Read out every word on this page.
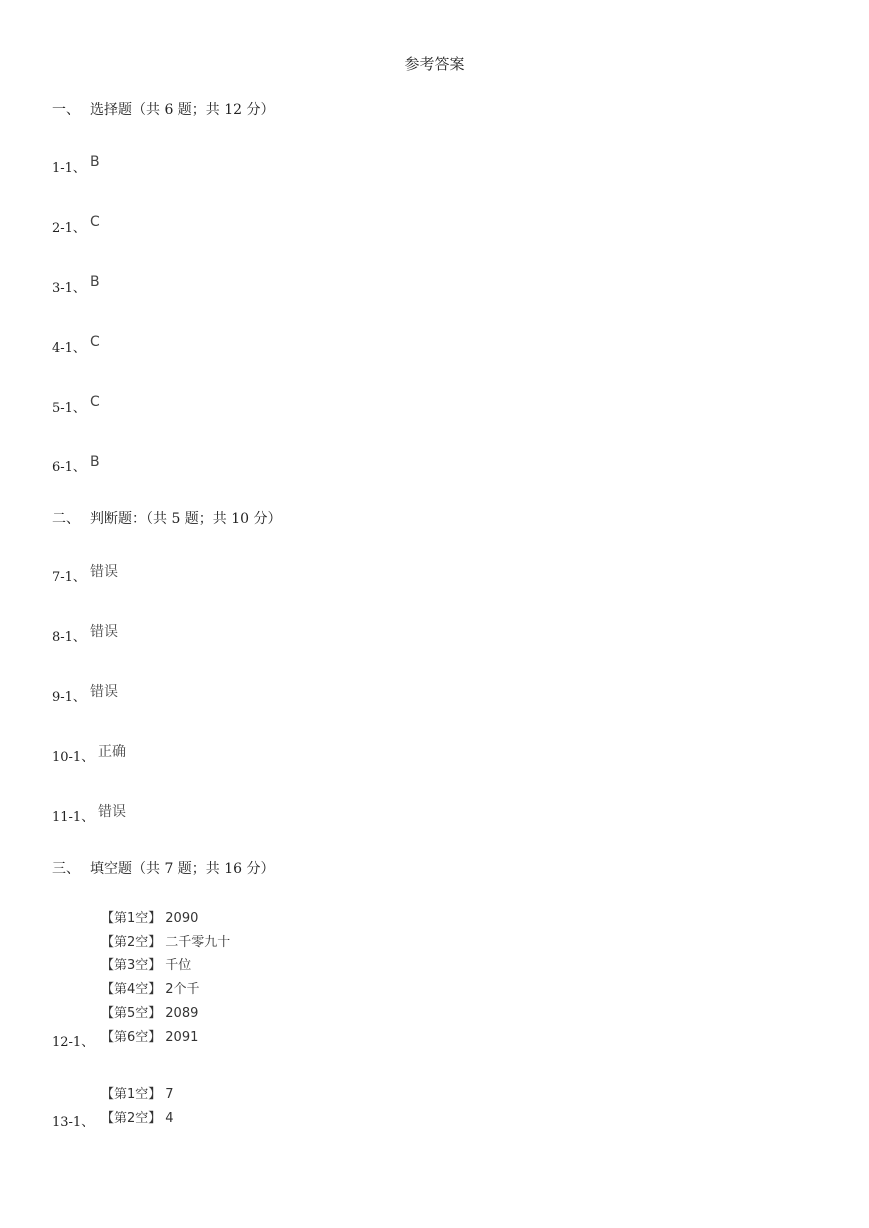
参考答案
一、 选择题（共 6 题；共 12 分）
1-1、 B
2-1、 C
3-1、 B
4-1、 C
5-1、 C
6-1、 B
二、 判断题：（共 5 题；共 10 分）
7-1、 错误
8-1、 错误
9-1、 错误
10-1、 正确
11-1、 错误
三、 填空题（共 7 题；共 16 分）
【第1空】 2090
【第2空】 二千零九十
【第3空】 千位
【第4空】 2个千
【第5空】 2089
【第6空】 2091
12-1、
【第1空】 7
【第2空】 4
13-1、
